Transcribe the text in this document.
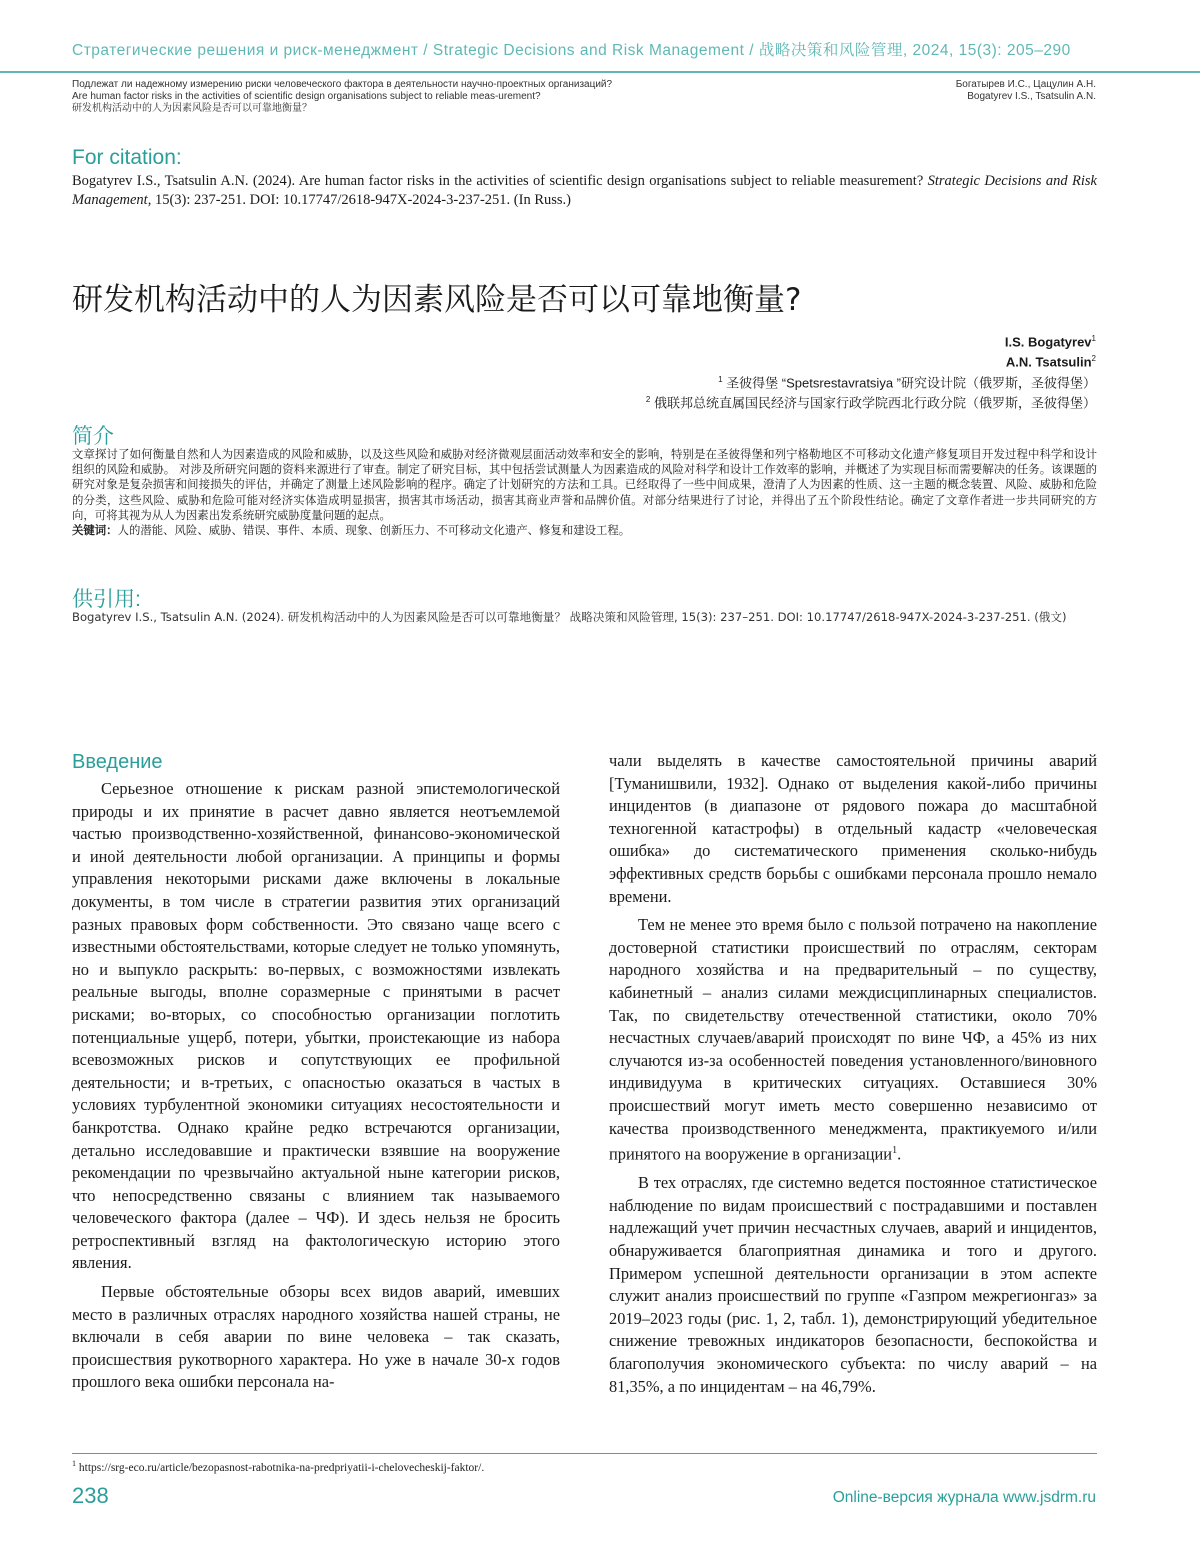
Стратегические решения и риск-менеджмент / Strategic Decisions and Risk Management / 战略决策和风险管理, 2024, 15(3): 205–290
Подлежат ли надежному измерению риски человеческого фактора в деятельности научно-проектных организаций?
Are human factor risks in the activities of scientific design organisations subject to reliable meas-urement?
研发机构活动中的人为因素风险是否可以可靠地衡量？
Богатырев И.С., Цацулин А.Н.
Bogatyrev I.S., Tsatsulin A.N.
For citation:
Bogatyrev I.S., Tsatsulin A.N. (2024). Are human factor risks in the activities of scientific design organisations subject to reliable measurement? Strategic Decisions and Risk Management, 15(3): 237-251. DOI: 10.17747/2618-947X-2024-3-237-251. (In Russ.)
研发机构活动中的人为因素风险是否可以可靠地衡量?
I.S. Bogatyrev$^1$
A.N. Tsatsulin$^2$
$^1$ 圣彼得堡 “Spetsrestavratsiya ”研究设计院（俄罗斯，圣彼得堡）
$^2$ 俄联邦总统直属国民经济与国家行政学院西北行政分院（俄罗斯，圣彼得堡）
简介
文章探讨了如何衡量自然和人为因素造成的风险和威胁，以及这些风险和威胁对经济微观层面活动效率和安全的影响，特别是在圣彼得堡和列宁格勒地区不可移动文化遗产修复项目开发过程中科学和设计组织的风险和威胁。 对涉及所研究问题的资料来源进行了审查。制定了研究目标，其中包括尝试测量人为因素造成的风险对科学和设计工作效率的影响，并概述了为实现目标而需要解决的任务。该课题的研究对象是复杂损害和间接损失的评估，并确定了测量上述风险影响的程序。确定了计划研究的方法和工具。已经取得了一些中间成果，澄清了人为因素的性质、这一主题的概念装置、风险、威胁和危险的分类，这些风险、威胁和危险可能对经济实体造成明显损害，损害其市场活动，损害其商业声誉和品牌价值。对部分结果进行了讨论，并得出了五个阶段性结论。确定了文章作者进一步共同研究的方向，可将其视为从人为因素出发系统研究威胁度量问题的起点。
关键词：人的潜能、风险、威胁、错误、事件、本质、现象、创新压力、不可移动文化遗产、修复和建设工程。
供引用:
Bogatyrev I.S., Tsatsulin A.N. (2024). 研发机构活动中的人为因素风险是否可以可靠地衡量？ 战略决策和风险管理, 15(3): 237–251. DOI: 10.17747/2618-947X-2024-3-237-251. (俄文)
Введение

Серьезное отношение к рискам разной эпистемологической природы и их принятие в расчет давно является неотъемлемой частью производственно-хозяйственной, финансово-экономической и иной деятельности любой организации. А принципы и формы управления некоторыми рисками даже включены в локальные документы, в том числе в стратегии развития этих организаций разных правовых форм собственности. Это связано чаще всего с известными обстоятельствами, которые следует не только упомянуть, но и выпукло раскрыть: во-первых, с возможностями извлекать реальные выгоды, вполне соразмерные с принятыми в расчет рисками; во-вторых, со способностью организации поглотить потенциальные ущерб, потери, убытки, проистекающие из набора всевозможных рисков и сопутствующих ее профильной деятельности; и в-третьих, с опасностью оказаться в частых в условиях турбулентной экономики ситуациях несостоятельности и банкротства. Однако крайне редко встречаются организации, детально исследовавшие и практически взявшие на вооружение рекомендации по чрезвычайно актуальной ныне категории рисков, что непосредственно связаны с влиянием так называемого человеческого фактора (далее – ЧФ). И здесь нельзя не бросить ретроспективный взгляд на фактологическую историю этого явления.

Первые обстоятельные обзоры всех видов аварий, имевших место в различных отраслях народного хозяйства нашей страны, не включали в себя аварии по вине человека – так сказать, происшествия рукотворного характера. Но уже в начале 30-х годов прошлого века ошибки персонала на-

чали выделять в качестве самостоятельной причины аварий [Туманишвили, 1932]. Однако от выделения какой-либо причины инцидентов (в диапазоне от рядового пожара до масштабной техногенной катастрофы) в отдельный кадастр «человеческая ошибка» до систематического применения сколько-нибудь эффективных средств борьбы с ошибками персонала прошло немало времени.

Тем не менее это время было с пользой потрачено на накопление достоверной статистики происшествий по отраслям, секторам народного хозяйства и на предварительный – по существу, кабинетный – анализ силами междисциплинарных специалистов. Так, по свидетельству отечественной статистики, около 70% несчастных случаев/аварий происходят по вине ЧФ, а 45% из них случаются из-за особенностей поведения установленного/виновного индивидуума в критических ситуациях. Оставшиеся 30% происшествий могут иметь место совершенно независимо от качества производственного менеджмента, практикуемого и/или принятого на вооружение в организации$^1$.

В тех отраслях, где системно ведется постоянное статистическое наблюдение по видам происшествий с пострадавшими и поставлен надлежащий учет причин несчастных случаев, аварий и инцидентов, обнаруживается благоприятная динамика и того и другого. Примером успешной деятельности организации в этом аспекте служит анализ происшествий по группе «Газпром межрегионгаз» за 2019–2023 годы (рис. 1, 2, табл. 1), демонстрирующий убедительное снижение тревожных индикаторов безопасности, беспокойства и благополучия экономического субъекта: по числу аварий – на 81,35%, а по инцидентам – на 46,79%.

$^1$ https://srg-eco.ru/article/bezopasnost-rabotnika-na-predpriyatii-i-chelovecheskij-faktor/.
238	Online-версия журнала www.jsdrm.ru
